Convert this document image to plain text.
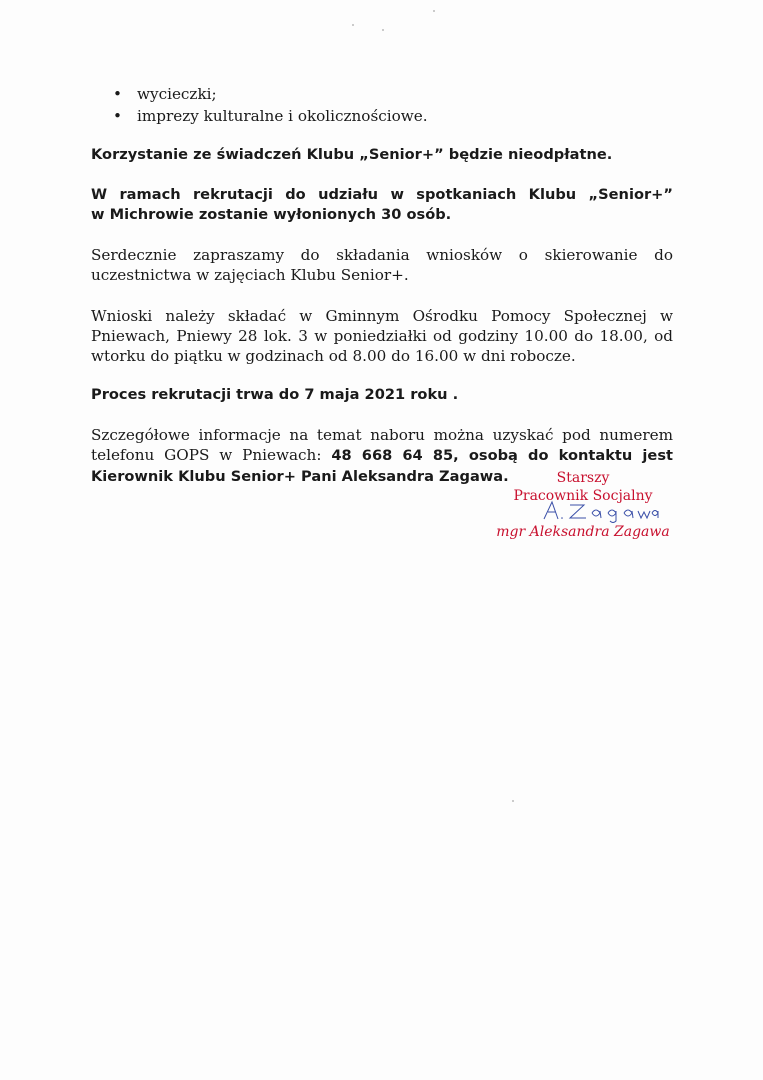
• wycieczki;
• imprezy kulturalne i okolicznościowe.

Korzystanie ze świadczeń Klubu „Senior+” będzie nieodpłatne.

W ramach rekrutacji do udziału w spotkaniach Klubu „Senior+”

w Michrowie zostanie wyłonionych 30 osób.

Serdecznie zapraszamy do składania wniosków o skierowanie do uczestnictwa w zajęciach Klubu Senior+.

Wnioski należy składać w Gminnym Ośrodku Pomocy Społecznej w Pniewach, Pniewy 28 lok. 3 w poniedziałki od godziny 10.00 do 18.00, od wtorku do piątku w godzinach od 8.00 do 16.00 w dni robocze.

Proces rekrutacji trwa do 7 maja 2021 roku .

Szczegółowe informacje na temat naboru można uzyskać pod numerem telefonu GOPS w Pniewach: 48 668 64 85, osobą do kontaktu jest Kierownik Klubu Senior+ Pani Aleksandra Zagawa.	Starszy
Pracownik Socjalny
mgr Aleksandra Zagawa
